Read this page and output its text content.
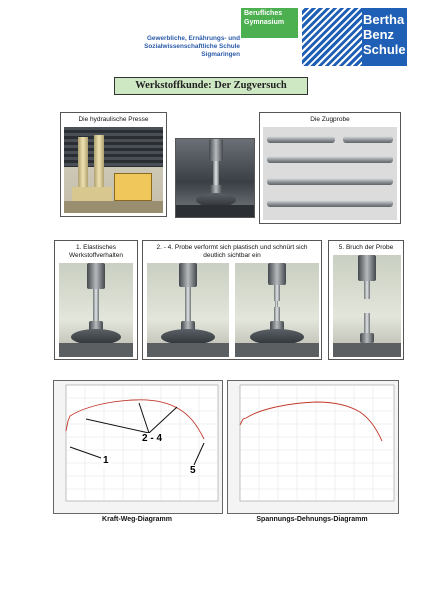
Gewerbliche, Ernährungs- und
Sozialwissenschaftliche Schule
Sigmaringen
Berufliches
Gymnasium	Bertha
Benz
Schule
Werkstoffkunde: Der Zugversuch
Die hydraulische Presse	Die Zugprobe
1. Elastisches Werkstoffverhalten
2. - 4. Probe verformt sich plastisch und schnürt sich deutlich sichtbar ein
5. Bruch der Probe
2 - 4
1
5
Kraft-Weg-Diagramm	Spannungs-Dehnungs-Diagramm
